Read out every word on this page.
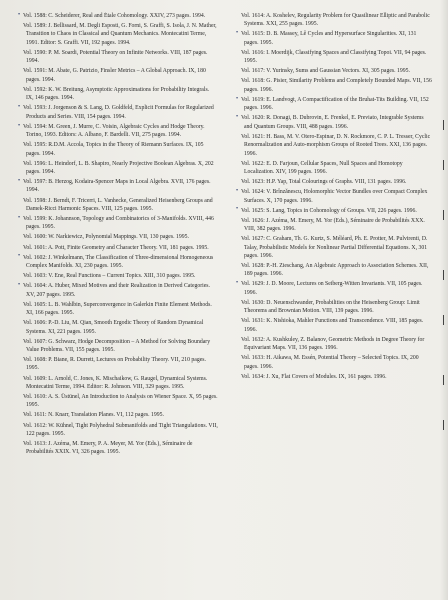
• Vol. 1588: C. Scheiderer, Real and Étale Cohomology. XXIV, 273 pages. 1994.
Vol. 1589: J. Bellissard, M. Degli Esposti, G. Forni, S. Graffi, S. Isola, J. N. Mather, Transition to Chaos in Classical and Quantum Mechanics. Montecatini Terme, 1991. Editor: S. Graffi. VII, 192 pages. 1994.
Vol. 1590: P. M. Soardi, Potential Theory on Infinite Networks. VIII, 187 pages. 1994.
Vol. 1591: M. Abate, G. Patrizio, Finsler Metrics – A Global Approach. IX, 180 pages. 1994.
Vol. 1592: K. W. Breitung, Asymptotic Approximations for Probability Integrals. IX, 146 pages. 1994.
• Vol. 1593: J. Jorgenson & S. Lang, D. Goldfeld, Explicit Formulas for Regularized Products and Series. VIII, 154 pages. 1994.
• Vol. 1594: M. Green, J. Murre, C. Voisin, Algebraic Cycles and Hodge Theory. Torino, 1993. Editors: A. Albano, F. Bardelli. VII, 275 pages. 1994.
Vol. 1595: R.D.M. Accola, Topics in the Theory of Riemann Surfaces. IX, 105 pages. 1994.
Vol. 1596: L. Heindorf, L. B. Shapiro, Nearly Projective Boolean Algebras. X, 202 pages. 1994.
• Vol. 1597: B. Herzog, Kodaira-Spencer Maps in Local Algebra. XVII, 176 pages. 1994.
Vol. 1598: J. Berndt, F. Tricerri, L. Vanhecke, Generalized Heisenberg Groups and Damek-Ricci Harmonic Spaces. VIII, 125 pages. 1995.
• Vol. 1599: K. Johannson, Topology and Combinatorics of 3-Manifolds. XVIII, 446 pages. 1995.
Vol. 1600: W. Narkiewicz, Polynomial Mappings. VII, 130 pages. 1995.
Vol. 1601: A. Pott, Finite Geometry and Character Theory. VII, 181 pages. 1995.
• Vol. 1602: J. Winkelmann, The Classification of Three-dimensional Homogeneous Complex Manifolds. XI, 230 pages. 1995.
Vol. 1603: V. Ene, Real Functions – Current Topics. XIII, 310 pages. 1995.
• Vol. 1604: A. Huber, Mixed Motives and their Realization in Derived Categories. XV, 207 pages. 1995.
Vol. 1605: L. B. Wahlbin, Superconvergence in Galerkin Finite Element Methods. XI, 166 pages. 1995.
Vol. 1606: P.-D. Liu, M. Qian, Smooth Ergodic Theory of Random Dynamical Systems. XI, 221 pages. 1995.
Vol. 1607: G. Schwarz, Hodge Decomposition – A Method for Solving Boundary Value Problems. VII, 155 pages. 1995.
Vol. 1608: P. Biane, R. Durrett, Lectures on Probability Theory. VII, 210 pages. 1995.
Vol. 1609: L. Arnold, C. Jones, K. Mischaikow, G. Raugel, Dynamical Systems. Montecatini Terme, 1994. Editor: R. Johnson. VIII, 329 pages. 1995.
Vol. 1610: A. S. Üstünel, An Introduction to Analysis on Wiener Space. X, 95 pages. 1995.
Vol. 1611: N. Knarr, Translation Planes. VI, 112 pages. 1995.
Vol. 1612: W. Kühnel, Tight Polyhedral Submanifolds and Tight Triangulations. VII, 122 pages. 1995.
Vol. 1613: J. Azéma, M. Emery, P. A. Meyer, M. Yor (Eds.), Séminaire de Probabilités XXIX. VI, 326 pages. 1995.
Vol. 1614: A. Koshelev, Regularity Problem for Quasilinear Elliptic and Parabolic Systems. XXI, 255 pages. 1995.
• Vol. 1615: D. B. Massey, Lê Cycles and Hypersurface Singularities. XI, 131 pages. 1995.
Vol. 1616: I. Moerdijk, Classifying Spaces and Classifying Topoi. VII, 94 pages. 1995.
Vol. 1617: V. Yurinsky, Sums and Gaussian Vectors. XI, 305 pages. 1995.
Vol. 1618: G. Pisier, Similarity Problems and Completely Bounded Maps. VII, 156 pages. 1996.
• Vol. 1619: E. Landvogt, A Compactification of the Bruhat-Tits Building. VII, 152 pages. 1996.
• Vol. 1620: R. Donagi, B. Dubrovin, E. Frenkel, E. Previato, Integrable Systems and Quantum Groups. VIII, 488 pages. 1996.
Vol. 1621: H. Bass, M. V. Otero-Espinar, D. N. Rockmore, C. P. L. Tresser, Cyclic Renormalization and Auto-morphism Groups of Rooted Trees. XXI, 136 pages. 1996.
Vol. 1622: E. D. Farjoun, Cellular Spaces, Null Spaces and Homotopy Localization. XIV, 199 pages. 1996.
Vol. 1623: H.P. Yap, Total Colourings of Graphs. VIII, 131 pages. 1996.
• Vol. 1624: V. Brînzănescu, Holomorphic Vector Bundles over Compact Complex Surfaces. X, 170 pages. 1996.
• Vol. 1625: S. Lang, Topics in Cohomology of Groups. VII, 226 pages. 1996.
Vol. 1626: J. Azéma, M. Emery, M. Yor (Eds.), Séminaire de Probabilités XXX. VIII, 382 pages. 1996.
Vol. 1627: C. Graham, Th. G. Kurtz, S. Méléard, Ph. E. Protter, M. Pulvirenti, D. Talay, Probabilistic Models for Nonlinear Partial Differential Equations. X, 301 pages. 1996.
Vol. 1628: P.-H. Zieschang, An Algebraic Approach to Association Schemes. XII, 189 pages. 1996.
• Vol. 1629: J. D. Moore, Lectures on Seiberg-Witten Invariants. VII, 105 pages. 1996.
Vol. 1630: D. Neuenschwander, Probabilities on the Heisenberg Group: Limit Theorems and Brownian Motion. VIII, 139 pages. 1996.
Vol. 1631: K. Nishioka, Mahler Functions and Transcendence. VIII, 185 pages. 1996.
Vol. 1632: A. Kushkuley, Z. Balanov, Geometric Methods in Degree Theory for Equivariant Maps. VII, 136 pages. 1996.
Vol. 1633: H. Aikawa, M. Essén, Potential Theory – Selected Topics. IX, 200 pages. 1996.
Vol. 1634: J. Xu, Flat Covers of Modules. IX, 161 pages. 1996.
